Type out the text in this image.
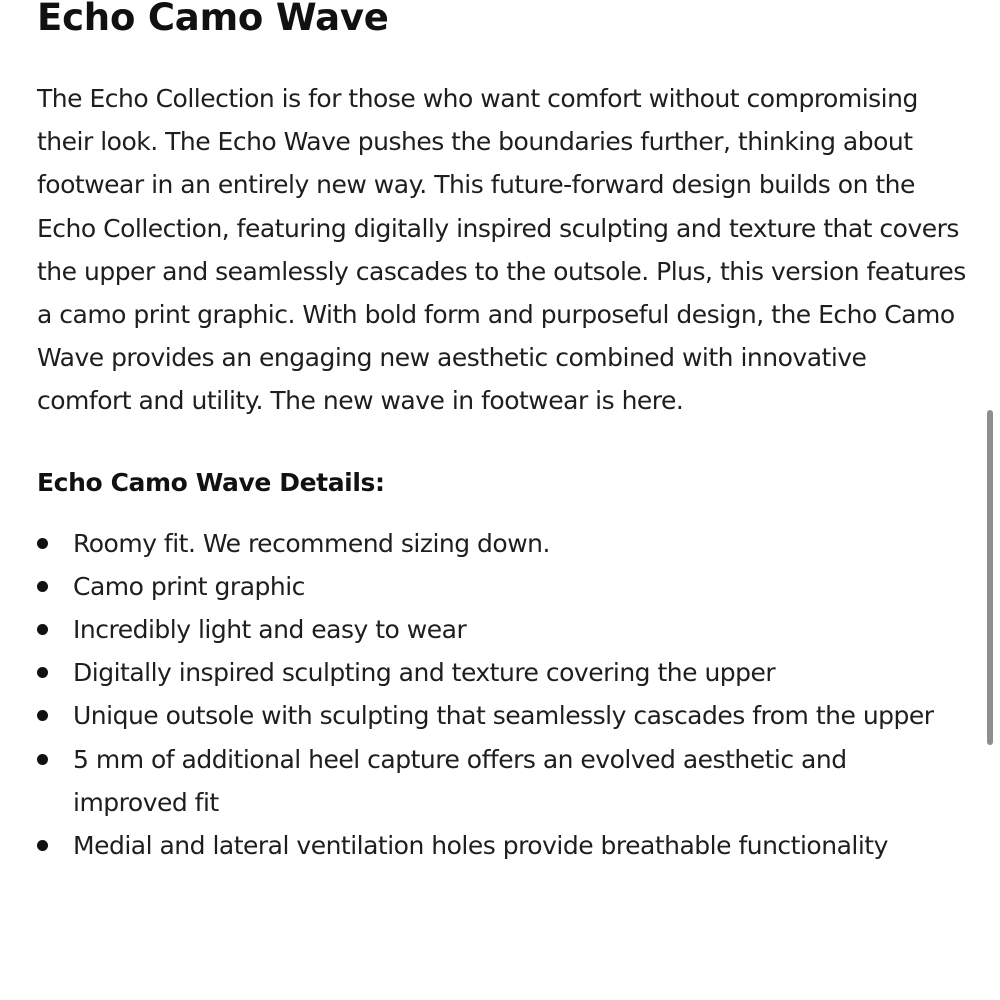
Echo Camo Wave

The Echo Collection is for those who want comfort without compromising their look. The Echo Wave pushes the boundaries further, thinking about footwear in an entirely new way. This future-forward design builds on the Echo Collection, featuring digitally inspired sculpting and texture that covers the upper and seamlessly cascades to the outsole. Plus, this version features a camo print graphic. With bold form and purposeful design, the Echo Camo Wave provides an engaging new aesthetic combined with innovative comfort and utility. The new wave in footwear is here.

Echo Camo Wave Details:
Roomy fit. We recommend sizing down.
Camo print graphic
Incredibly light and easy to wear
Digitally inspired sculpting and texture covering the upper
Unique outsole with sculpting that seamlessly cascades from the upper
5 mm of additional heel capture offers an evolved aesthetic and improved fit
Medial and lateral ventilation holes provide breathable functionality
